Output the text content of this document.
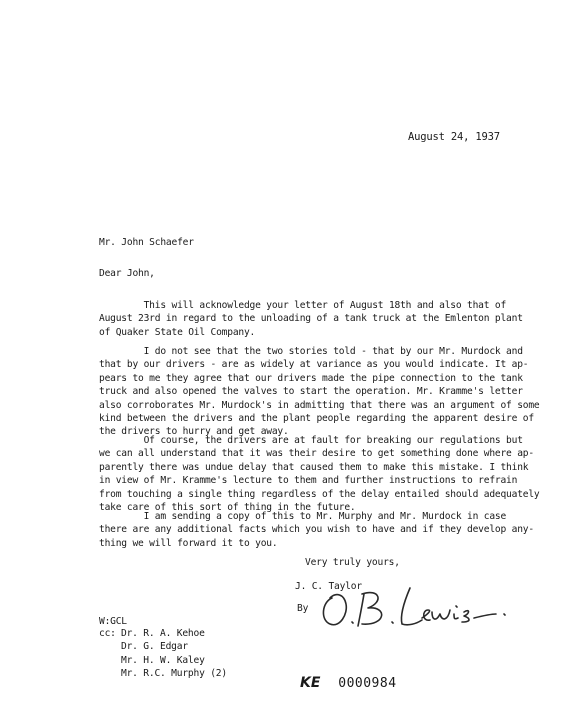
August 24, 1937
Mr. John Schaefer
Dear John,
This will acknowledge your letter of August 18th and also that of
August 23rd in regard to the unloading of a tank truck at the Emlenton plant
of Quaker State Oil Company.
I do not see that the two stories told - that by our Mr. Murdock and
that by our drivers - are as widely at variance as you would indicate. It ap-
pears to me they agree that our drivers made the pipe connection to the tank
truck and also opened the valves to start the operation. Mr. Kramme's letter
also corroborates Mr. Murdock's in admitting that there was an argument of some
kind between the drivers and the plant people regarding the apparent desire of
the drivers to hurry and get away.
Of course, the drivers are at fault for breaking our regulations but
we can all understand that it was their desire to get something done where ap-
parently there was undue delay that caused them to make this mistake. I think
in view of Mr. Kramme's lecture to them and further instructions to refrain
from touching a single thing regardless of the delay entailed should adequately
take care of this sort of thing in the future.
I am sending a copy of this to Mr. Murphy and Mr. Murdock in case
there are any additional facts which you wish to have and if they develop any-
thing we will forward it to you.
Very truly yours,
J. C. Taylor
By
W:GCL
cc: Dr. R. A. Kehoe
Dr. G. Edgar
Mr. H. W. Kaley
Mr. R.C. Murphy (2)
KE 0000984
